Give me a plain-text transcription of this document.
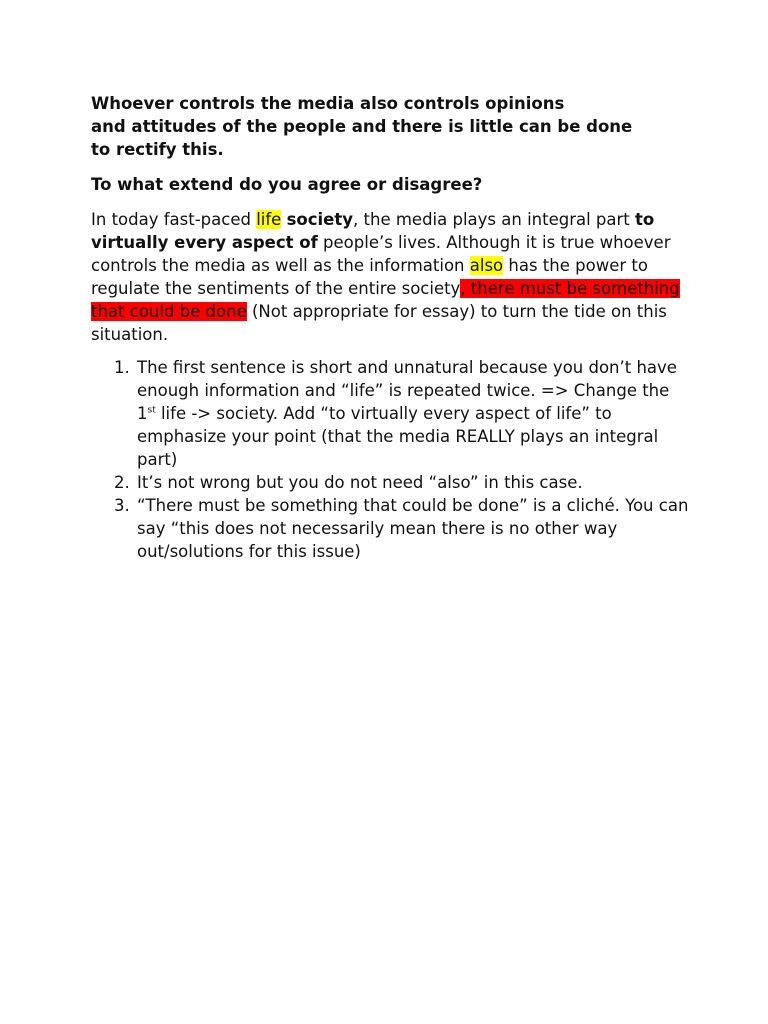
Whoever controls the media also controls opinions
and attitudes of the people and there is little can be done
to rectify this.

To what extend do you agree or disagree?

In today fast-paced life society, the media plays an integral part to virtually every aspect of people’s lives. Although it is true whoever controls the media as well as the information also has the power to regulate the sentiments of the entire society, there must be something that could be done (Not appropriate for essay) to turn the tide on this situation.

1. The first sentence is short and unnatural because you don’t have enough information and “life” is repeated twice. => Change the 1st life -> society. Add “to virtually every aspect of life” to emphasize your point (that the media REALLY plays an integral part)
2. It’s not wrong but you do not need “also” in this case.
3. “There must be something that could be done” is a cliché. You can say “this does not necessarily mean there is no other way out/solutions for this issue)
